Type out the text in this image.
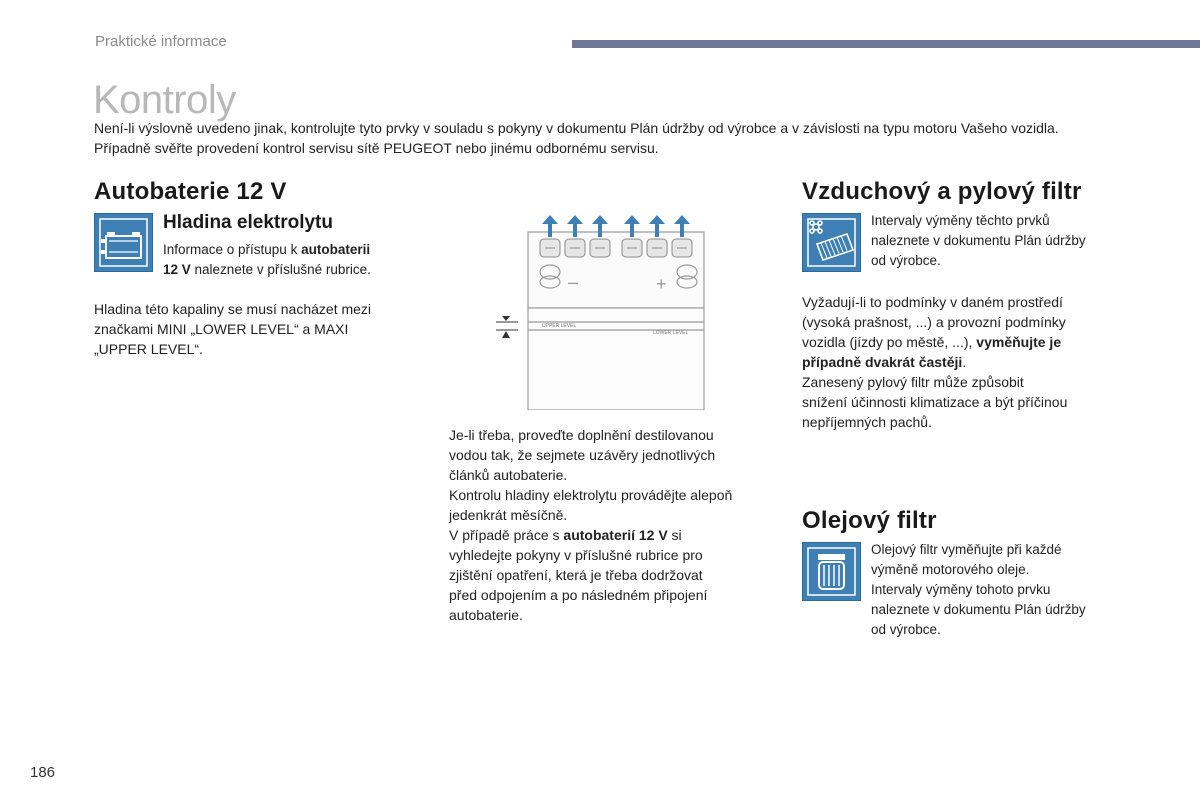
Praktické informace
Kontroly
Není-li výslovně uvedeno jinak, kontrolujte tyto prvky v souladu s pokyny v dokumentu Plán údržby od výrobce a v závislosti na typu motoru Vašeho vozidla.
Případně svěřte provedení kontrol servisu sítě PEUGEOT nebo jinému odbornému servisu.
Autobaterie 12 V
Hladina elektrolytu
Informace o přístupu k autobaterii
12 V naleznete v příslušné rubrice.
Hladina této kapaliny se musí nacházet mezi
značkami MINI „LOWER LEVEL“ a MAXI
„UPPER LEVEL“.
–	+
UPPER LEVEL
LOWER LEVEL
Je-li třeba, proveďte doplnění destilovanou
vodou tak, že sejmete uzávěry jednotlivých
článků autobaterie.
Kontrolu hladiny elektrolytu provádějte alepoň
jedenkrát měsíčně.
V případě práce s autobaterií 12 V si
vyhledejte pokyny v příslušné rubrice pro
zjištění opatření, která je třeba dodržovat
před odpojením a po následném připojení
autobaterie.
Vzduchový a pylový filtr
Intervaly výměny těchto prvků
naleznete v dokumentu Plán údržby
od výrobce.
Vyžadují-li to podmínky v daném prostředí
(vysoká prašnost, ...) a provozní podmínky
vozidla (jízdy po městě, ...), vyměňujte je
případně dvakrát častěji.
Zanesený pylový filtr může způsobit
snížení účinnosti klimatizace a být příčinou
nepříjemných pachů.
Olejový filtr
Olejový filtr vyměňujte při každé
výměně motorového oleje.
Intervaly výměny tohoto prvku
naleznete v dokumentu Plán údržby
od výrobce.
186
